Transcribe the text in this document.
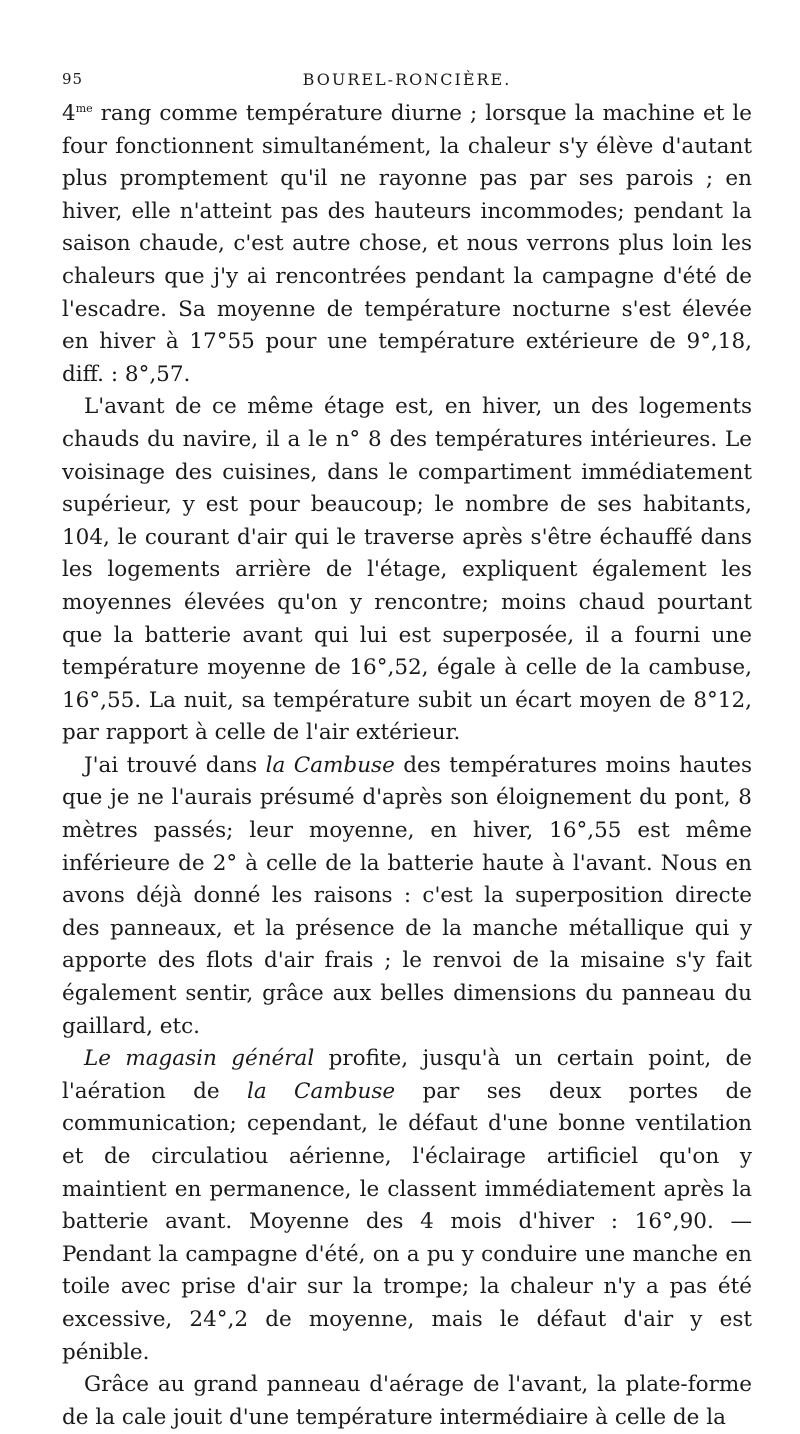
95	BOUREL-RONCIÈRE.

$4^{me}$ rang comme température diurne ; lorsque la machine et le four fonctionnent simultanément, la chaleur s'y élève d'autant plus promptement qu'il ne rayonne pas par ses parois ; en hiver, elle n'atteint pas des hauteurs incommodes; pendant la saison chaude, c'est autre chose, et nous verrons plus loin les chaleurs que j'y ai rencontrées pendant la campagne d'été de l'escadre. Sa moyenne de température nocturne s'est élevée en hiver à 17°55 pour une température extérieure de 9°,18, diff. : 8°,57.

L'avant de ce même étage est, en hiver, un des logements chauds du navire, il a le n° 8 des températures intérieures. Le voisinage des cuisines, dans le compartiment immédiatement supérieur, y est pour beaucoup; le nombre de ses habitants, 104, le courant d'air qui le traverse après s'être échauffé dans les logements arrière de l'étage, expliquent également les moyennes élevées qu'on y rencontre; moins chaud pourtant que la batterie avant qui lui est superposée, il a fourni une température moyenne de 16°,52, égale à celle de la cambuse, 16°,55. La nuit, sa température subit un écart moyen de 8°12, par rapport à celle de l'air extérieur.

J'ai trouvé dans la Cambuse des températures moins hautes que je ne l'aurais présumé d'après son éloignement du pont, 8 mètres passés; leur moyenne, en hiver, 16°,55 est même inférieure de 2° à celle de la batterie haute à l'avant. Nous en avons déjà donné les raisons : c'est la superposition directe des panneaux, et la présence de la manche métallique qui y apporte des flots d'air frais ; le renvoi de la misaine s'y fait également sentir, grâce aux belles dimensions du panneau du gaillard, etc.

Le magasin général profite, jusqu'à un certain point, de l'aération de la Cambuse par ses deux portes de communication; cependant, le défaut d'une bonne ventilation et de circulatiou aérienne, l'éclairage artificiel qu'on y maintient en permanence, le classent immédiatement après la batterie avant. Moyenne des 4 mois d'hiver : 16°,90. — Pendant la campagne d'été, on a pu y conduire une manche en toile avec prise d'air sur la trompe; la chaleur n'y a pas été excessive, 24°,2 de moyenne, mais le défaut d'air y est pénible.

Grâce au grand panneau d'aérage de l'avant, la plate-forme de la cale jouit d'une température intermédiaire à celle de la
